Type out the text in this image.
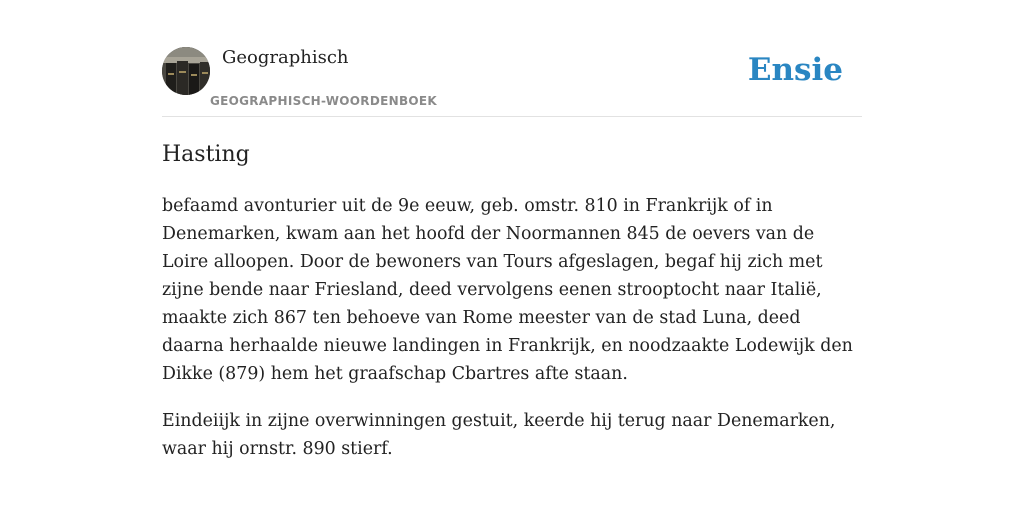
Geographisch
GEOGRAPHISCH-WOORDENBOEK
Ensie
Hasting

befaamd avonturier uit de 9e eeuw, geb. omstr. 810 in Frankrijk of in Denemarken, kwam aan het hoofd der Noormannen 845 de oevers van de Loire alloopen. Door de bewoners van Tours afgeslagen, begaf hij zich met zijne bende naar Friesland, deed vervolgens eenen strooptocht naar Italië, maakte zich 867 ten behoeve van Rome meester van de stad Luna, deed daarna herhaalde nieuwe landingen in Frankrijk, en noodzaakte Lodewijk den Dikke (879) hem het graafschap Cbartres afte staan.

Eindeiijk in zijne overwinningen gestuit, keerde hij terug naar Denemarken, waar hij ornstr. 890 stierf.
